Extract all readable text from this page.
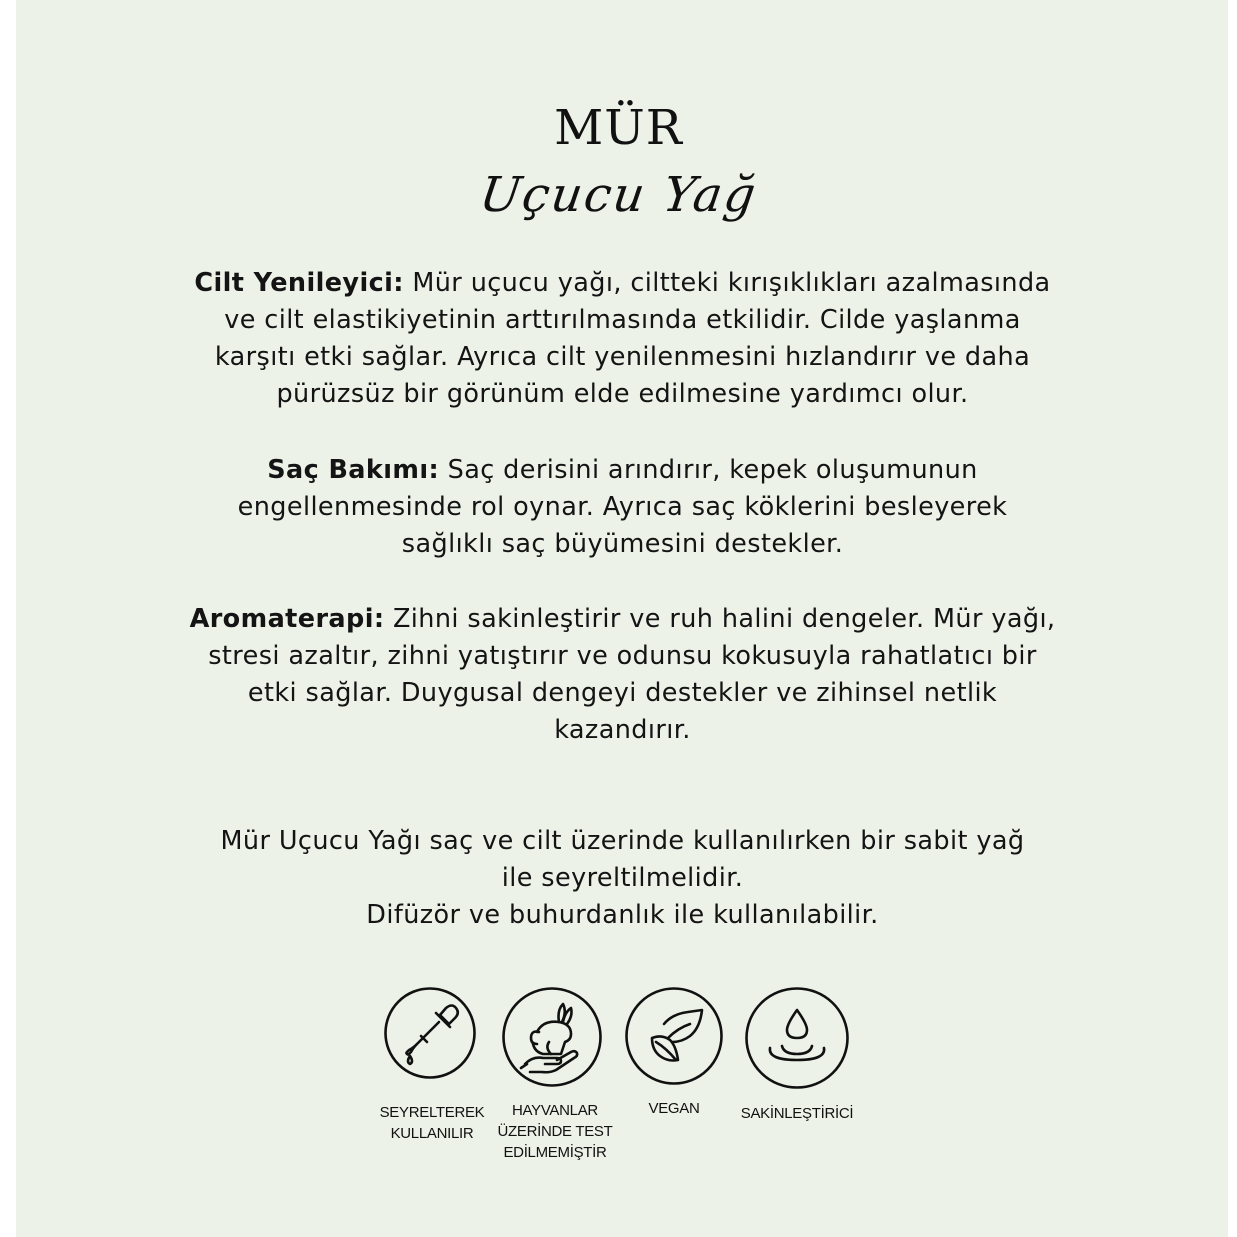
MÜR
Uçucu Yağ
Cilt Yenileyici: Mür uçucu yağı, ciltteki kırışıklıkları azalmasında
ve cilt elastikiyetinin arttırılmasında etkilidir. Cilde yaşlanma
karşıtı etki sağlar. Ayrıca cilt yenilenmesini hızlandırır ve daha
pürüzsüz bir görünüm elde edilmesine yardımcı olur.
Saç Bakımı: Saç derisini arındırır, kepek oluşumunun
engellenmesinde rol oynar. Ayrıca saç köklerini besleyerek
sağlıklı saç büyümesini destekler.
Aromaterapi: Zihni sakinleştirir ve ruh halini dengeler. Mür yağı,
stresi azaltır, zihni yatıştırır ve odunsu kokusuyla rahatlatıcı bir
etki sağlar. Duygusal dengeyi destekler ve zihinsel netlik
kazandırır.
Mür Uçucu Yağı saç ve cilt üzerinde kullanılırken bir sabit yağ
ile seyreltilmelidir.
Difüzör ve buhurdanlık ile kullanılabilir.
SEYRELTEREK
KULLANILIR
HAYVANLAR
ÜZERİNDE TEST
EDİLMEMİŞTİR
VEGAN	SAKİNLEŞTİRİCİ
